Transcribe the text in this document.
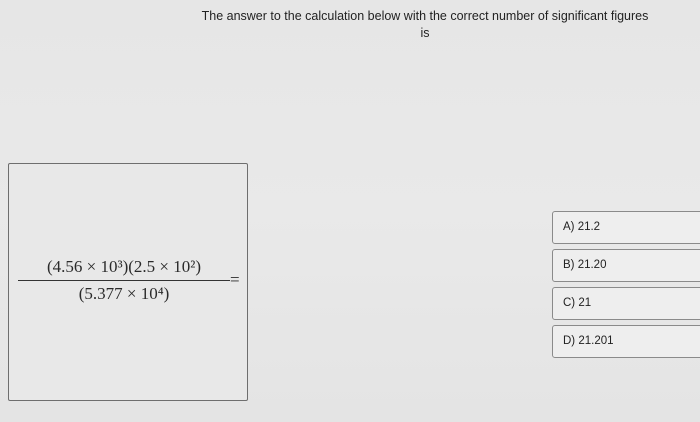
The answer to the calculation below with the correct number of significant figures
is
(4.56 × 10³)(2.5 × 10²)
(5.377 × 10⁴)
=
A) 21.2
B) 21.20
C) 21
D) 21.201
